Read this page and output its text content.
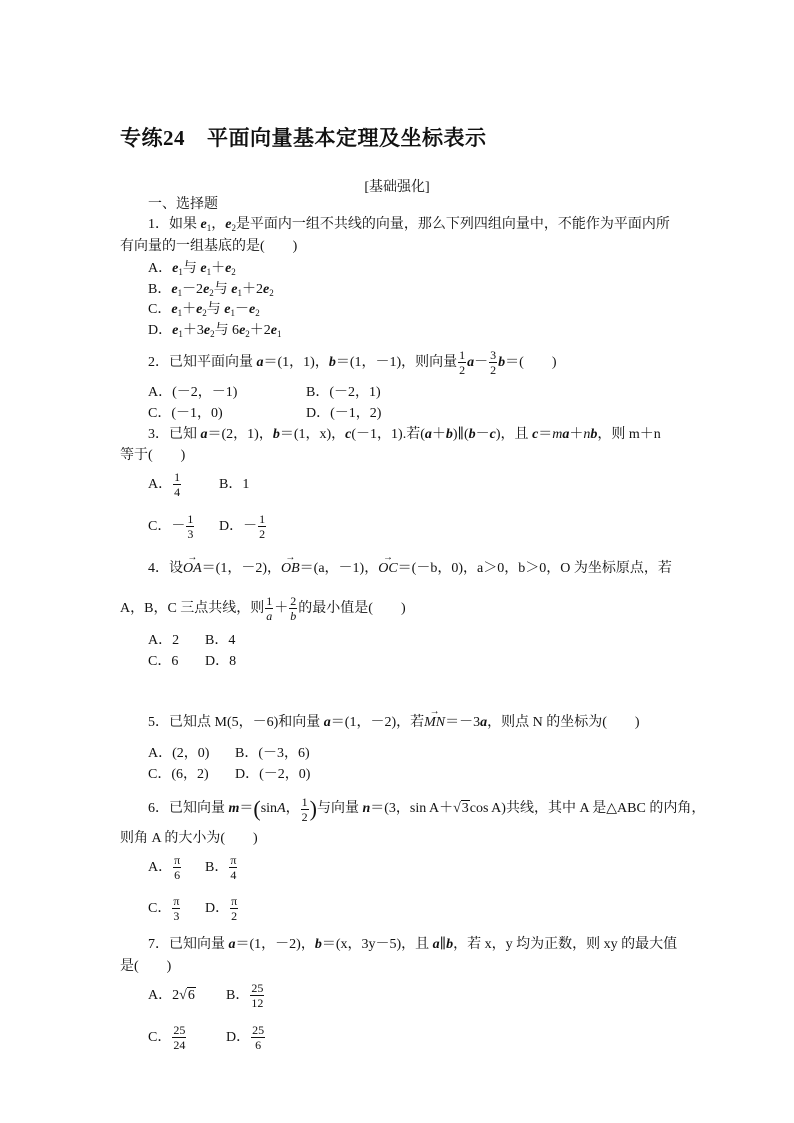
专练24 平面向量基本定理及坐标表示
[基础强化]
一、选择题
1．如果 $e_1$，$e_2$是平面内一组不共线的向量，那么下列四组向量中，不能作为平面内所
有向量的一组基底的是(　　)
A．$e_1$与 $e_1+e_2$
B．$e_1-2e_2$与 $e_1+2e_2$
C．$e_1+e_2$与 $e_1-e_2$
D．$e_1+3e_2$与 $6e_2+2e_1$
2．已知平面向量 a＝(1，1)，b＝(1，－1)，则向量 $\frac{1}{2} a- \frac{3}{2} b=$(　　)
A．(－2，－1)	B．(－2，1)
C．(－1，0)	D．(－1，2)
3．已知 a＝(2，1)，b＝(1，x)，c(－1，1).若(a＋b)∥(b－c)，且 c＝ma＋nb，则 m＋n
等于(　　)
A． $\frac{1}{4}$	B．1
C．－ $\frac{1}{3}$ D．－ $\frac{1}{2}$
4．设→ OA＝(1，－2)，→ OB＝(a，－1)，→ OC＝(－b，0)，a＞0，b＞0，O 为坐标原点，若
A，B，C 三点共线，则 $\frac{1}{a} + \frac{2}{b}$ 的最小值是(　　)
A．2 B．4
C．6 D．8
5．已知点 M(5，－6)和向量 a＝(1，－2)，若→ MN＝－3a，则点 N 的坐标为(　　)
A．(2，0) B．(－3，6)
C．(6，2) D．(－2，0)
6．已知向量 m＝(sinA， $\frac{1}{2}$ )与向量 n＝(3，sin A＋√3cos A)共线，其中 A 是△ABC 的内角，
则角 A 的大小为(　　)
A． $\frac{\pi}{6}$ B． $\frac{\pi}{4}$
C． $\frac{\pi}{3}$ D． $\frac{\pi}{2}$
7．已知向量 a＝(1，－2)，b＝(x，3y－5)，且 a∥b，若 x，y 均为正数，则 xy 的最大值
是(　　)
A．2√6 B． $\frac{25}{12}$
C． $\frac{25}{24}$	D． $\frac{25}{6}$
